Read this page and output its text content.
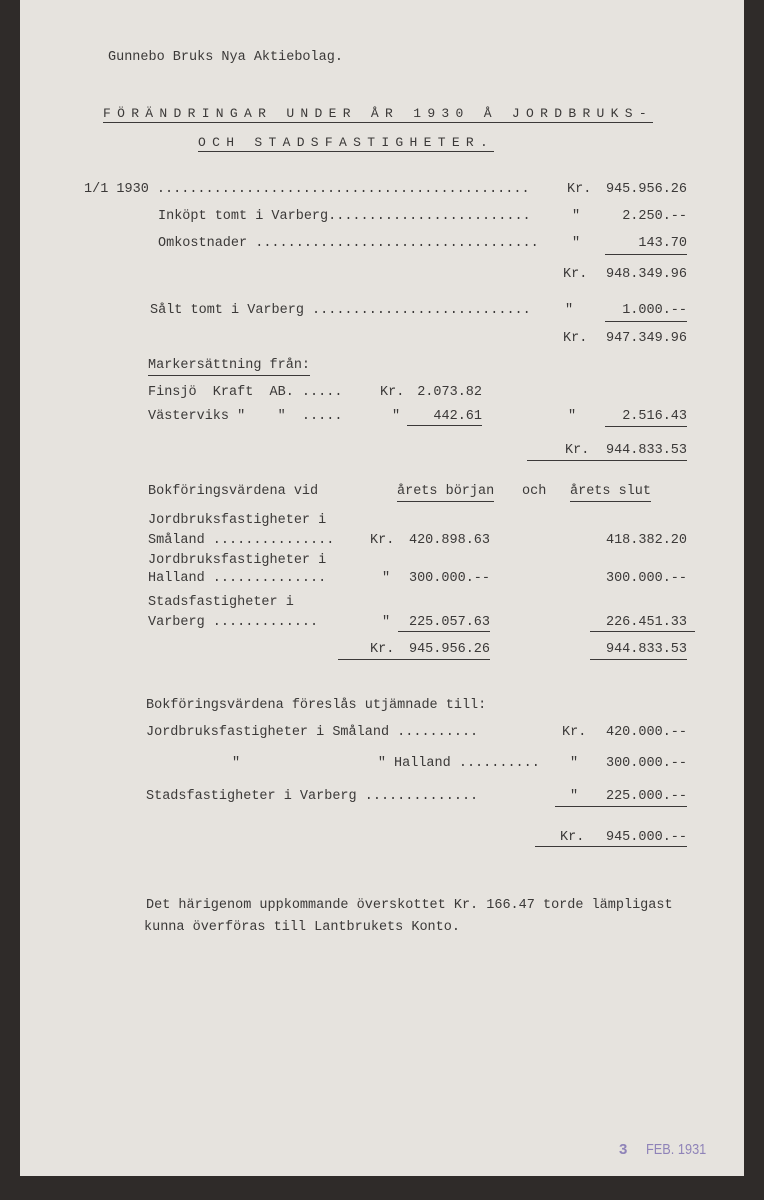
Gunnebo Bruks Nya Aktiebolag.
FÖRÄNDRINGAR UNDER ÅR 1930 Å JORDBRUKS-
OCH STADSFASTIGHETER.
1/1 1930 ..............................................	Kr. 945.956.26
Inköpt tomt i Varberg.........................	"	2.250.--
Omkostnader ................................... "	143.70
Kr. 948.349.96
Sålt tomt i Varberg ...........................	"	1.000.--
Kr. 947.349.96
Markersättning från:
Finsjö  Kraft  AB. .....	Kr. 2.073.82
Västerviks "    "  .....	" 442.61	"	2.516.43
Kr. 944.833.53
Bokföringsvärdena vid	årets början och årets slut
Jordbruksfastigheter i
Småland ...............	Kr. 420.898.63	418.382.20
Jordbruksfastigheter i
Halland ..............	" 300.000.--	300.000.--
Stadsfastigheter i
Varberg .............	" 225.057.63	226.451.33
Kr. 945.956.26	944.833.53
Bokföringsvärdena föreslås utjämnade till:
Jordbruksfastigheter i Småland ..........	Kr. 420.000.--
"                 " Halland .......... " 300.000.--
Stadsfastigheter i Varberg ..............	" 225.000.--
Kr. 945.000.--
Det härigenom uppkommande överskottet Kr. 166.47 torde lämpligast
kunna överföras till Lantbrukets Konto.
3 FEB. 1931
